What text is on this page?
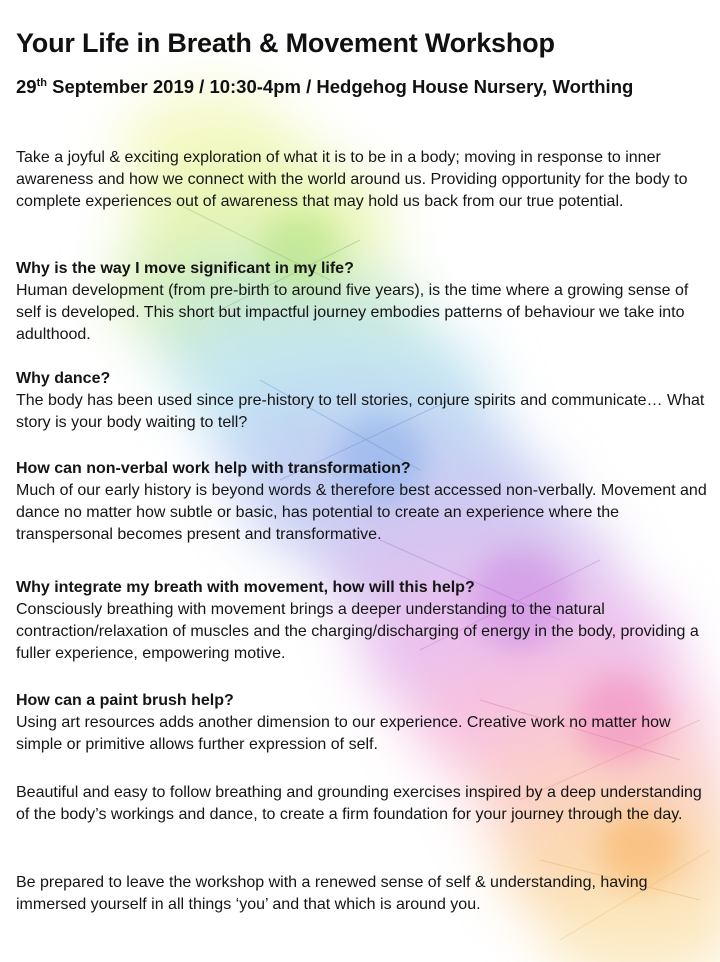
Your Life in Breath & Movement Workshop
29th September 2019 / 10:30-4pm / Hedgehog House Nursery, Worthing

Take a joyful & exciting exploration of what it is to be in a body; moving in response to inner awareness and how we connect with the world around us. Providing opportunity for the body to complete experiences out of awareness that may hold us back from our true potential.

Why is the way I move significant in my life?
Human development (from pre-birth to around five years), is the time where a growing sense of self is developed. This short but impactful journey embodies patterns of behaviour we take into adulthood.

Why dance?
The body has been used since pre-history to tell stories, conjure spirits and communicate… What story is your body waiting to tell?

How can non-verbal work help with transformation?
Much of our early history is beyond words & therefore best accessed non-verbally. Movement and dance no matter how subtle or basic, has potential to create an experience where the transpersonal becomes present and transformative.

Why integrate my breath with movement, how will this help?
Consciously breathing with movement brings a deeper understanding to the natural contraction/relaxation of muscles and the charging/discharging of energy in the body, providing a fuller experience, empowering motive.

How can a paint brush help?
Using art resources adds another dimension to our experience. Creative work no matter how simple or primitive allows further expression of self.

Beautiful and easy to follow breathing and grounding exercises inspired by a deep understanding of the body’s workings and dance, to create a firm foundation for your journey through the day.

Be prepared to leave the workshop with a renewed sense of self & understanding, having immersed yourself in all things ‘you’ and that which is around you.
